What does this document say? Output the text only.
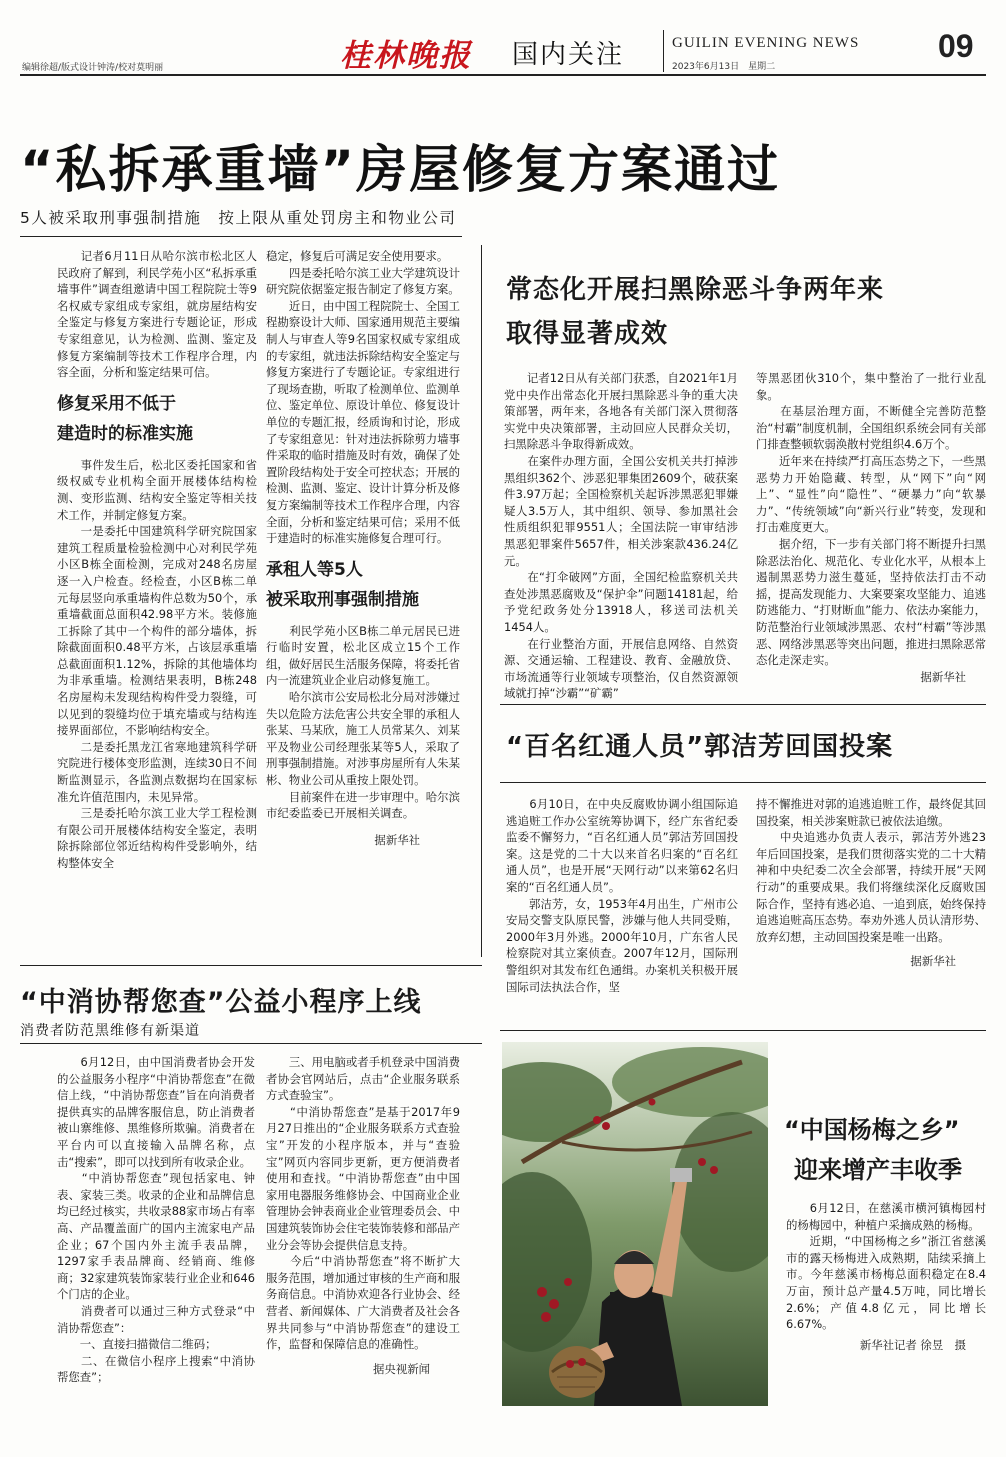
编辑徐超/版式设计钟涛/校对莫明丽	桂林晚报 国内关注	GUILIN EVENING NEWS
2023年6月13日　星期二
09
“私拆承重墙”房屋修复方案通过
5人被采取刑事强制措施　按上限从重处罚房主和物业公司

　　记者6月11日从哈尔滨市松北区人民政府了解到，利民学苑小区“私拆承重墙事件”调查组邀请中国工程院院士等9名权威专家组成专家组，就房屋结构安全鉴定与修复方案进行专题论证，形成专家组意见，认为检测、监测、鉴定及修复方案编制等技术工作程序合理，内容全面，分析和鉴定结果可信。

修复采用不低于
建造时的标准实施

　　事件发生后，松北区委托国家和省级权威专业机构全面开展楼体结构检测、变形监测、结构安全鉴定等相关技术工作，并制定修复方案。
　　一是委托中国建筑科学研究院国家建筑工程质量检验检测中心对利民学苑小区B栋全面检测，完成对248名房屋逐一入户检查。经检查，小区B栋二单元每层竖向承重墙构件总数为50个，承重墙截面总面积42.98平方米。装修施工拆除了其中一个构件的部分墙体，拆除截面面积0.48平方米，占该层承重墙总截面面积1.12%，拆除的其他墙体均为非承重墙。检测结果表明，B栋248名房屋构未发现结构构件受力裂缝，可以见到的裂缝均位于填充墙或与结构连接界面部位，不影响结构安全。
　　二是委托黑龙江省寒地建筑科学研究院进行楼体变形监测，连续30日不间断监测显示，各监测点数据均在国家标准允许值范围内，未见异常。
　　三是委托哈尔滨工业大学工程检测有限公司开展楼体结构安全鉴定，表明除拆除部位邻近结构构件受影响外，结构整体安全

稳定，修复后可满足安全使用要求。
　　四是委托哈尔滨工业大学建筑设计研究院依据鉴定报告制定了修复方案。
　　近日，由中国工程院院士、全国工程勘察设计大师、国家通用规范主要编制人与审查人等9名国家权威专家组成的专家组，就违法拆除结构安全鉴定与修复方案进行了专题论证。专家组进行了现场查勘，听取了检测单位、监测单位、鉴定单位、原设计单位、修复设计单位的专题汇报，经质询和讨论，形成了专家组意见：针对违法拆除剪力墙事件采取的临时措施及时有效，确保了处置阶段结构处于安全可控状态；开展的检测、监测、鉴定、设计计算分析及修复方案编制等技术工作程序合理，内容全面，分析和鉴定结果可信；采用不低于建造时的标准实施修复合理可行。

承租人等5人
被采取刑事强制措施

　　利民学苑小区B栋二单元居民已进行临时安置，松北区成立15个工作组，做好居民生活服务保障，将委托省内一流建筑业企业启动修复施工。
　　哈尔滨市公安局松北分局对涉嫌过失以危险方法危害公共安全罪的承租人张某、马某欣，施工人员常某久、刘某平及物业公司经理张某等5人，采取了刑事强制措施。对涉事房屋所有人朱某彬、物业公司从重按上限处罚。
　　目前案件在进一步审理中。哈尔滨市纪委监委已开展相关调查。

据新华社
常态化开展扫黑除恶斗争两年来
取得显著成效

　　记者12日从有关部门获悉，自2021年1月党中央作出常态化开展扫黑除恶斗争的重大决策部署，两年来，各地各有关部门深入贯彻落实党中央决策部署，主动回应人民群众关切，扫黑除恶斗争取得新成效。
　　在案件办理方面，全国公安机关共打掉涉黑组织362个、涉恶犯罪集团2609个，破获案件3.97万起；全国检察机关起诉涉黑恶犯罪嫌疑人3.5万人，其中组织、领导、参加黑社会性质组织犯罪9551人；全国法院一审审结涉黑恶犯罪案件5657件，相关涉案款436.24亿元。
　　在“打伞破网”方面，全国纪检监察机关共查处涉黑恶腐败及“保护伞”问题14181起，给予党纪政务处分13918人，移送司法机关1454人。
　　在行业整治方面，开展信息网络、自然资源、交通运输、工程建设、教育、金融放贷、市场流通等行业领域专项整治，仅自然资源领域就打掉“沙霸”“矿霸”

等黑恶团伙310个，集中整治了一批行业乱象。
　　在基层治理方面，不断健全完善防范整治“村霸”制度机制，全国组织系统会同有关部门排查整顿软弱涣散村党组织4.6万个。
　　近年来在持续严打高压态势之下，一些黑恶势力开始隐藏、转型，从“网下”向“网上”、“显性”向“隐性”、“硬暴力”向“软暴力”、“传统领域”向“新兴行业”转变，发现和打击难度更大。
　　据介绍，下一步有关部门将不断提升扫黑除恶法治化、规范化、专业化水平，从根本上遏制黑恶势力滋生蔓延，坚持依法打击不动摇，提高发现能力、大案要案攻坚能力、追逃防逃能力、“打财断血”能力、依法办案能力，防范整治行业领域涉黑恶、农村“村霸”等涉黑恶、网络涉黑恶等突出问题，推进扫黑除恶常态化走深走实。

据新华社
“百名红通人员”郭洁芳回国投案

　　6月10日，在中央反腐败协调小组国际追逃追赃工作办公室统筹协调下，经广东省纪委监委不懈努力，“百名红通人员”郭洁芳回国投案。这是党的二十大以来首名归案的“百名红通人员”，也是开展“天网行动”以来第62名归案的“百名红通人员”。
　　郭洁芳，女，1953年4月出生，广州市公安局交警支队原民警，涉嫌与他人共同受贿，2000年3月外逃。2000年10月，广东省人民检察院对其立案侦查。2007年12月，国际刑警组织对其发布红色通缉。办案机关积极开展国际司法执法合作，坚

持不懈推进对郭的追逃追赃工作，最终促其回国投案，相关涉案赃款已被依法追缴。
　　中央追逃办负责人表示，郭洁芳外逃23年后回国投案，是我们贯彻落实党的二十大精神和中央纪委二次全会部署，持续开展“天网行动”的重要成果。我们将继续深化反腐败国际合作，坚持有逃必追、一追到底，始终保持追逃追赃高压态势。奉劝外逃人员认清形势、放弃幻想，主动回国投案是唯一出路。

据新华社
“中消协帮您查”公益小程序上线
消费者防范黑维修有新渠道

　　6月12日，由中国消费者协会开发的公益服务小程序“中消协帮您查”在微信上线，“中消协帮您查”旨在向消费者提供真实的品牌客服信息，防止消费者被山寨维修、黑维修所欺骗。消费者在平台内可以直接输入品牌名称，点击“搜索”，即可以找到所有收录企业。
　　“中消协帮您查”现包括家电、钟表、家装三类。收录的企业和品牌信息均已经过核实，共收录88家市场占有率高、产品覆盖面广的国内主流家电产品企业；67个国内外主流手表品牌，1297家手表品牌商、经销商、维修商；32家建筑装饰家装行业企业和646个门店的企业。
　　消费者可以通过三种方式登录“中消协帮您查”：
　　一、直接扫描微信二维码；
　　二、在微信小程序上搜索“中消协帮您查”；

　　三、用电脑或者手机登录中国消费者协会官网站后，点击“企业服务联系方式查验宝”。
　　“中消协帮您查”是基于2017年9月27日推出的“企业服务联系方式查验宝”开发的小程序版本，并与“查验宝”网页内容同步更新，更方便消费者使用和查找。“中消协帮您查”由中国家用电器服务维修协会、中国商业企业管理协会钟表商业企业管理委员会、中国建筑装饰协会住宅装饰装修和部品产业分会等协会提供信息支持。
　　今后“中消协帮您查”将不断扩大服务范围，增加通过审核的生产商和服务商信息。中消协欢迎各行业协会、经营者、新闻媒体、广大消费者及社会各界共同参与“中消协帮您查”的建设工作，监督和保障信息的准确性。

据央视新闻
“中国杨梅之乡”
迎来增产丰收季

　　6月12日，在慈溪市横河镇梅园村的杨梅园中，种植户采摘成熟的杨梅。
　　近期，“中国杨梅之乡”浙江省慈溪市的露天杨梅进入成熟期，陆续采摘上市。今年慈溪市杨梅总面积稳定在8.4万亩，预计总产量4.5万吨，同比增长2.6%；产值4.8亿元，同比增长6.67%。

新华社记者 徐昱　摄
